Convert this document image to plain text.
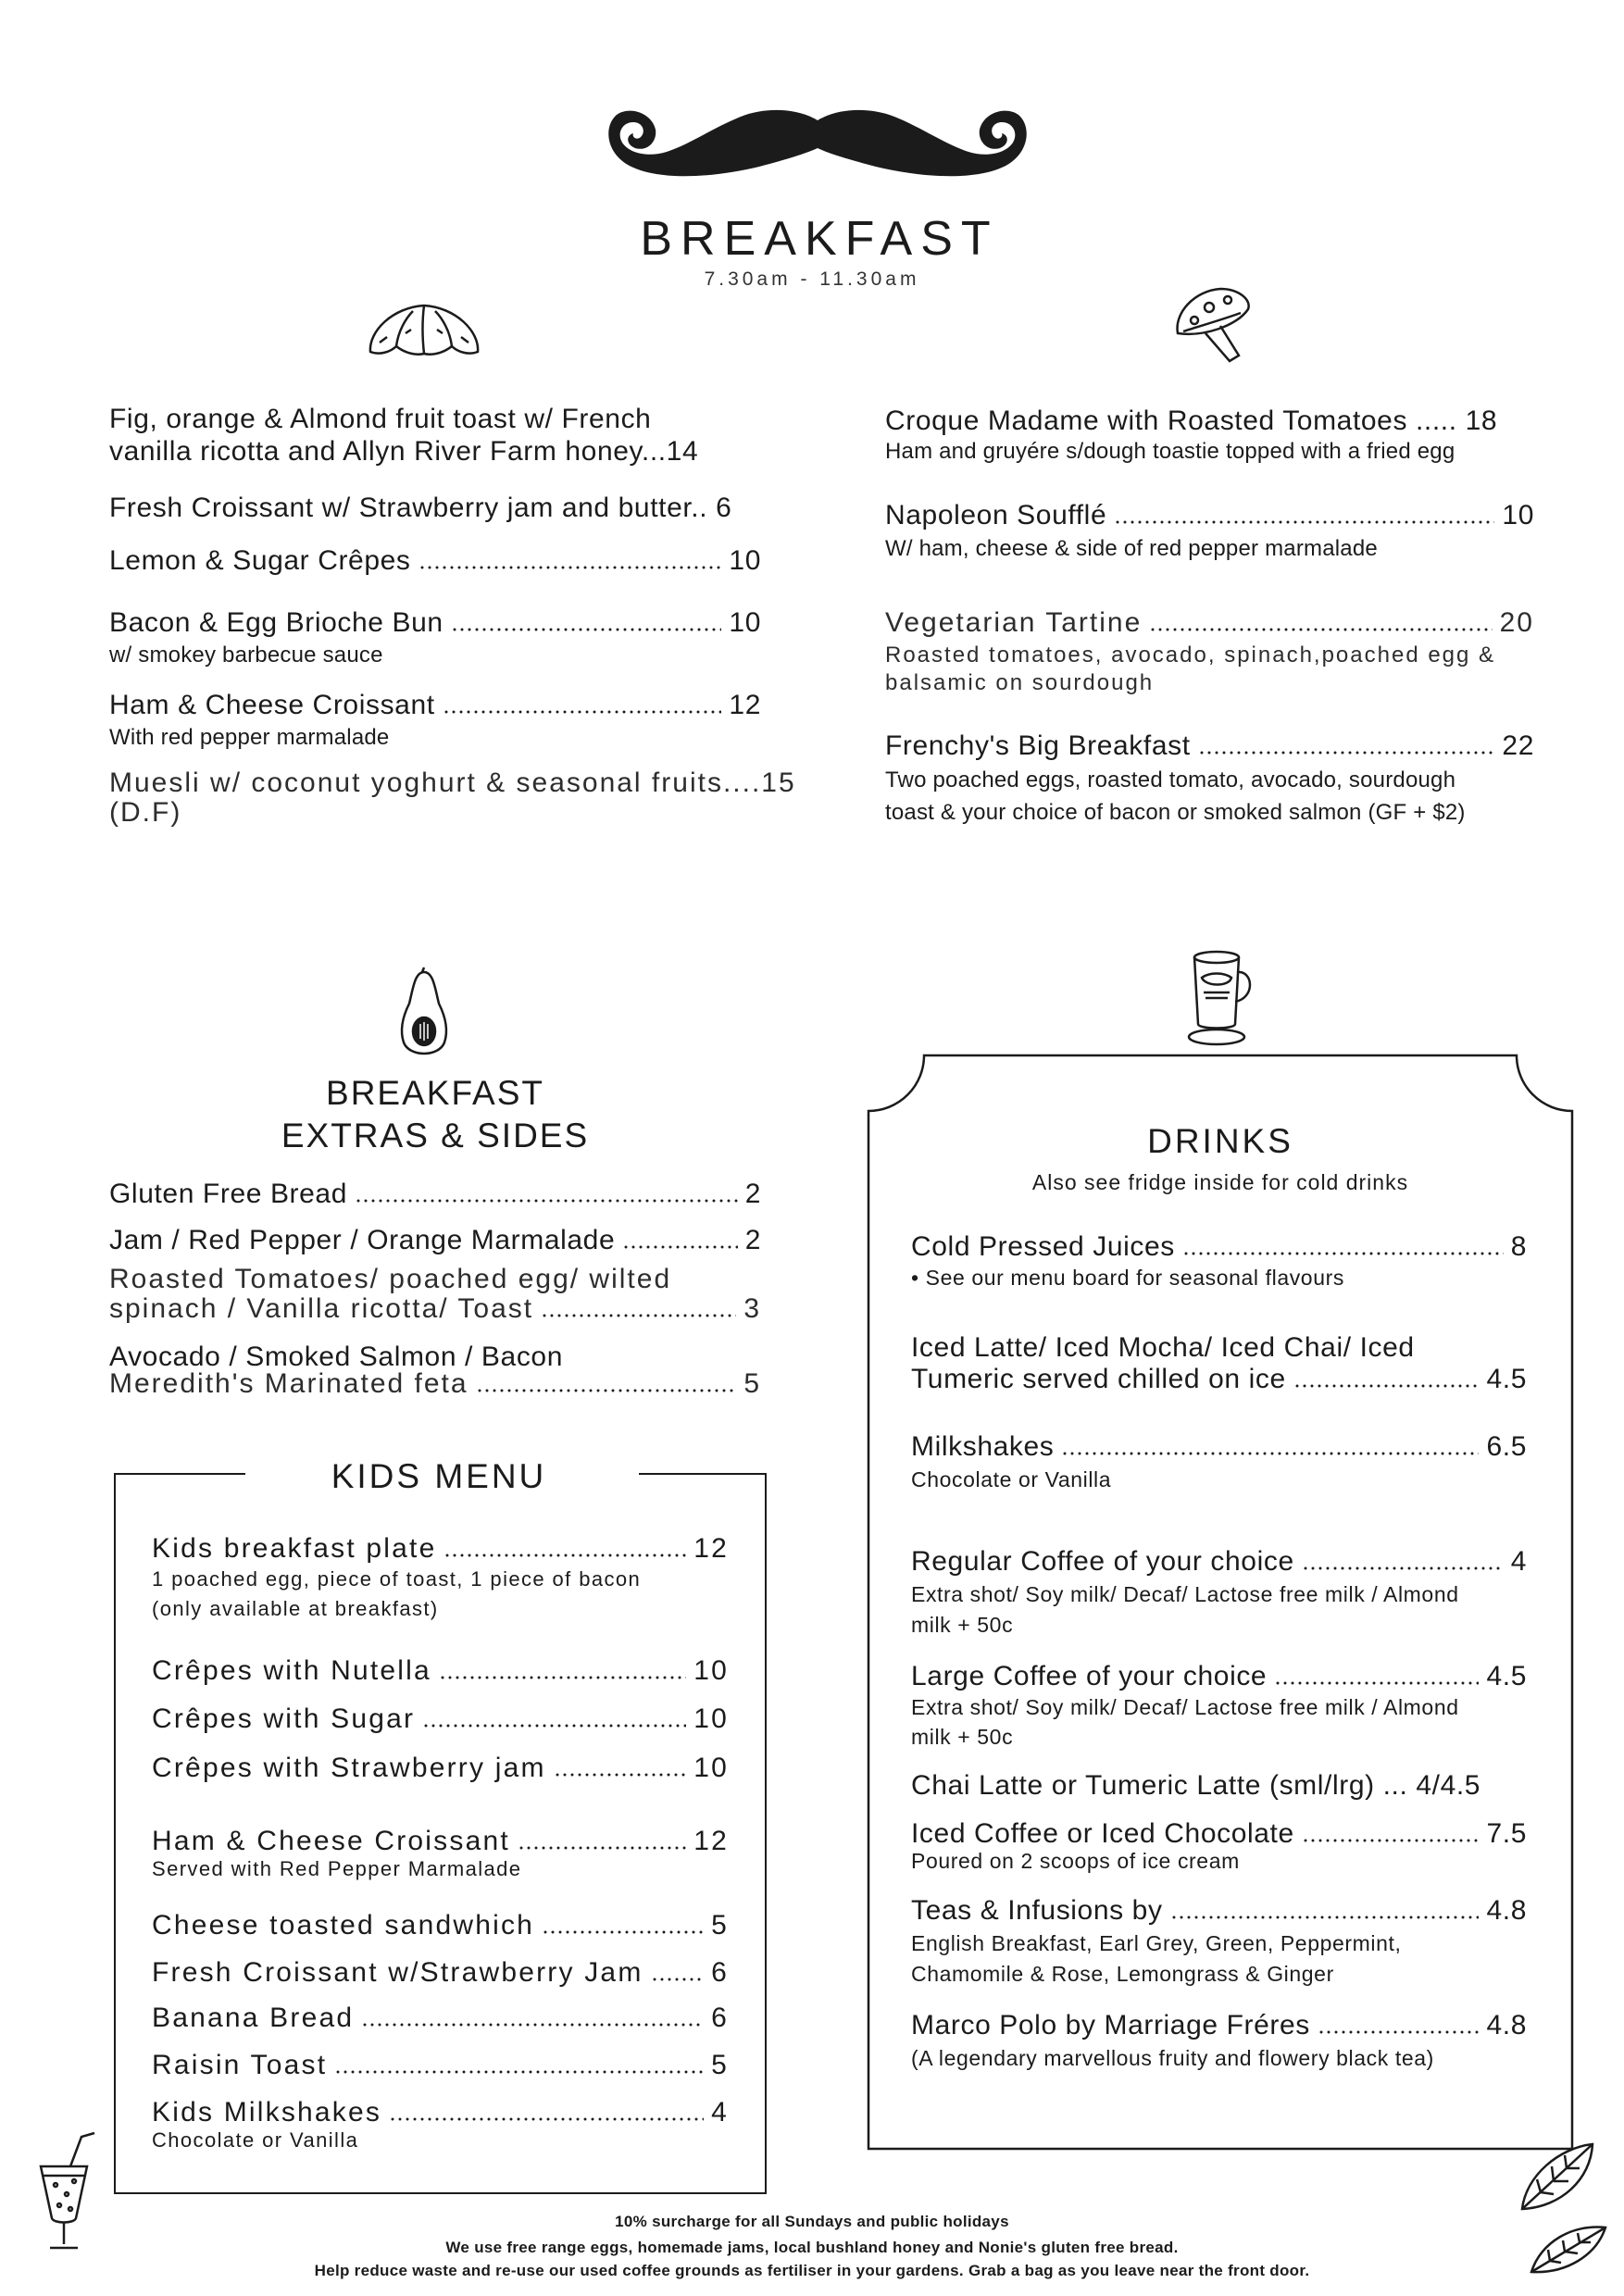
BREAKFAST
7.30am - 11.30am
BREAKFAST
EXTRAS & SIDES
KIDS MENU
DRINKS
Also see fridge inside for cold drinks
Fig, orange & Almond fruit toast w/ French
vanilla ricotta and Allyn River Farm honey...14
Fresh Croissant w/ Strawberry jam and butter.. 6
Lemon & Sugar Crêpes	10
Bacon & Egg Brioche Bun	10
w/ smokey barbecue sauce
Ham & Cheese Croissant	12
With red pepper marmalade
Muesli w/ coconut yoghurt & seasonal fruits....15
(D.F)
Croque Madame with Roasted Tomatoes ..... 18
Ham and gruyére s/dough toastie topped with a fried egg
Napoleon Soufflé	10
W/ ham, cheese & side of red pepper marmalade
Vegetarian Tartine	20
Roasted tomatoes, avocado, spinach,poached egg &
balsamic on sourdough
Frenchy's Big Breakfast	22
Two poached eggs, roasted tomato, avocado, sourdough
toast & your choice of bacon or smoked salmon (GF + $2)
Gluten Free Bread	2
Jam / Red Pepper / Orange Marmalade	2
Roasted Tomatoes/ poached egg/ wilted
spinach / Vanilla ricotta/ Toast	3
Avocado / Smoked Salmon / Bacon
Meredith's Marinated feta	5
Kids breakfast plate	12
1 poached egg, piece of toast, 1 piece of bacon
(only available at breakfast)
Crêpes with Nutella	10
Crêpes with Sugar	10
Crêpes with Strawberry jam	10
Ham & Cheese Croissant	12
Served with Red Pepper Marmalade
Cheese toasted sandwhich	5
Fresh Croissant w/Strawberry Jam 6
Banana Bread	6
Raisin Toast	5
Kids Milkshakes	4
Chocolate or Vanilla
Cold Pressed Juices	8
• See our menu board for seasonal flavours
Iced Latte/ Iced Mocha/ Iced Chai/ Iced
Tumeric served chilled on ice	4.5
Milkshakes	6.5
Chocolate or Vanilla
Regular Coffee of your choice	4
Extra shot/ Soy milk/ Decaf/ Lactose free milk / Almond
milk + 50c
Large Coffee of your choice	4.5
Extra shot/ Soy milk/ Decaf/ Lactose free milk / Almond
milk + 50c
Chai Latte or Tumeric Latte (sml/lrg) ... 4/4.5
Iced Coffee or Iced Chocolate	7.5
Poured on 2 scoops of ice cream
Teas & Infusions by	4.8
English Breakfast, Earl Grey, Green, Peppermint,
Chamomile & Rose, Lemongrass & Ginger
Marco Polo by Marriage Fréres	4.8
(A legendary marvellous fruity and flowery black tea)
10% surcharge for all Sundays and public holidays
We use free range eggs, homemade jams, local bushland honey and Nonie's gluten free bread.
Help reduce waste and re-use our used coffee grounds as fertiliser in your gardens. Grab a bag as you leave near the front door.
